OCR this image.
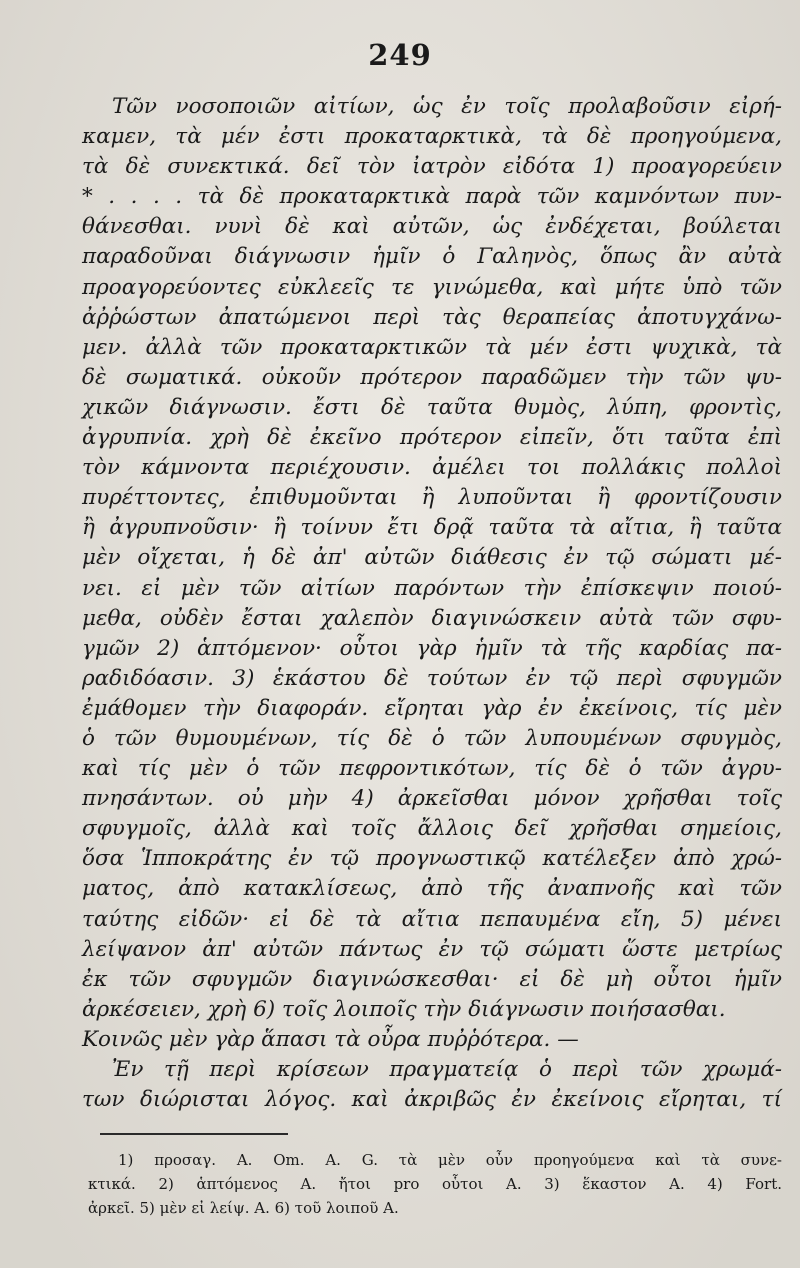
249
Τῶν νοσοποιῶν αἰτίων, ὡς ἐν τοῖς προλαβοῦσιν εἰρή-
καμεν, τὰ μέν ἐστι προκαταρκτικὰ, τὰ δὲ προηγούμενα,
τὰ δὲ συνεκτικά. δεῖ τὸν ἰατρὸν εἰδότα 1) προαγορεύειν
* . . . . τὰ δὲ προκαταρκτικὰ παρὰ τῶν καμνόντων πυν-
θάνεσθαι. νυνὶ δὲ καὶ αὐτῶν, ὡς ἐνδέχεται, βούλεται
παραδοῦναι διάγνωσιν ἡμῖν ὁ Γαληνὸς, ὅπως ἂν αὐτὰ
προαγορεύοντες εὐκλεεῖς τε γινώμεθα, καὶ μήτε ὑπὸ τῶν
ἀῤῥώστων ἀπατώμενοι περὶ τὰς θεραπείας ἀποτυγχάνω-
μεν. ἀλλὰ τῶν προκαταρκτικῶν τὰ μέν ἐστι ψυχικὰ, τὰ
δὲ σωματικά. οὐκοῦν πρότερον παραδῶμεν τὴν τῶν ψυ-
χικῶν διάγνωσιν. ἔστι δὲ ταῦτα θυμὸς, λύπη, φροντὶς,
ἀγρυπνία. χρὴ δὲ ἐκεῖνο πρότερον εἰπεῖν, ὅτι ταῦτα ἐπὶ
τὸν κάμνοντα περιέχουσιν. ἀμέλει τοι πολλάκις πολλοὶ
πυρέττοντες, ἐπιθυμοῦνται ἢ λυποῦνται ἢ φροντίζουσιν
ἢ ἀγρυπνοῦσιν· ἢ τοίνυν ἔτι δρᾷ ταῦτα τὰ αἴτια, ἢ ταῦτα
μὲν οἴχεται, ἡ δὲ ἀπ' αὐτῶν διάθεσις ἐν τῷ σώματι μέ-
νει. εἰ μὲν τῶν αἰτίων παρόντων τὴν ἐπίσκεψιν ποιού-
μεθα, οὐδὲν ἔσται χαλεπὸν διαγινώσκειν αὐτὰ τῶν σφυ-
γμῶν 2) ἁπτόμενον· οὗτοι γὰρ ἡμῖν τὰ τῆς καρδίας πα-
ραδιδόασιν. 3) ἑκάστου δὲ τούτων ἐν τῷ περὶ σφυγμῶν
ἐμάθομεν τὴν διαφοράν. εἴρηται γὰρ ἐν ἐκείνοις, τίς μὲν
ὁ τῶν θυμουμένων, τίς δὲ ὁ τῶν λυπουμένων σφυγμὸς,
καὶ τίς μὲν ὁ τῶν πεφροντικότων, τίς δὲ ὁ τῶν ἀγρυ-
πνησάντων. οὐ μὴν 4) ἀρκεῖσθαι μόνον χρῆσθαι τοῖς
σφυγμοῖς, ἀλλὰ καὶ τοῖς ἄλλοις δεῖ χρῆσθαι σημείοις,
ὅσα Ἱπποκράτης ἐν τῷ προγνωστικῷ κατέλεξεν ἀπὸ χρώ-
ματος, ἀπὸ κατακλίσεως, ἀπὸ τῆς ἀναπνοῆς καὶ τῶν
ταύτης εἰδῶν· εἰ δὲ τὰ αἴτια πεπαυμένα εἴη, 5) μένει
λείψανον ἀπ' αὐτῶν πάντως ἐν τῷ σώματι ὥστε μετρίως
ἐκ τῶν σφυγμῶν διαγινώσκεσθαι· εἰ δὲ μὴ οὗτοι ἡμῖν
ἀρκέσειεν, χρὴ 6) τοῖς λοιποῖς τὴν διάγνωσιν ποιήσασθαι.
Κοινῶς μὲν γὰρ ἅπασι τὰ οὖρα πυῤῥότερα. —
Ἐν τῇ περὶ κρίσεων πραγματείᾳ ὁ περὶ τῶν χρωμά-
των διώρισται λόγος. καὶ ἀκριβῶς ἐν ἐκείνοις εἴρηται, τί
1) προσαγ. A. Om. A. G. τὰ μὲν οὖν προηγούμενα καὶ τὰ συνε-
κτικά. 2) ἁπτόμενος A. ἤτοι pro οὗτοι A. 3) ἕκαστον A. 4) Fort.
ἀρκεῖ. 5) μὲν εἰ λείψ. A. 6) τοῦ λοιποῦ A.
